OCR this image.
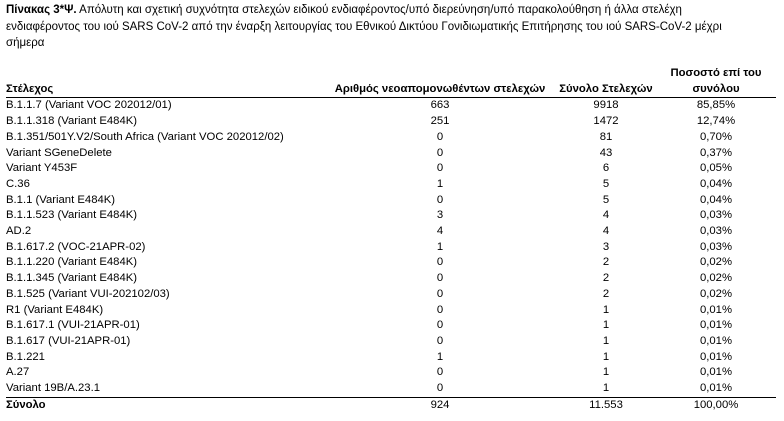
Πίνακας 3*Ψ. Απόλυτη και σχετική συχνότητα στελεχών ειδικού ενδιαφέροντος/υπό διερεύνηση/υπό παρακολούθηση ή άλλα στελέχη
ενδιαφέροντος του ιού SARS CoV-2 από την έναρξη λειτουργίας του Εθνικού Δικτύου Γονιδιωματικής Επιτήρησης του ιού SARS-CoV-2 μέχρι
σήμερα
Στέλεχος	Αριθμός νεοαπομονωθέντων στελεχών	Σύνολο Στελεχών	Ποσοστό επί του
συνόλου

B.1.1.7 (Variant VOC 202012/01)	663	9918	85,85%
B.1.1.318 (Variant E484K)	251	1472	12,74%
B.1.351/501Y.V2/South Africa (Variant VOC 202012/02)	0	81	0,70%
Variant SGeneDelete	0	43	0,37%
Variant Y453F	0	6	0,05%
C.36	1	5	0,04%
B.1.1 (Variant E484K)	0	5	0,04%
B.1.1.523 (Variant E484K)	3	4	0,03%
AD.2	4	4	0,03%
B.1.617.2 (VOC-21APR-02)	1	3	0,03%
B.1.1.220 (Variant E484K)	0	2	0,02%
B.1.1.345 (Variant E484K)	0	2	0,02%
B.1.525 (Variant VUI-202102/03)	0	2	0,02%
R1 (Variant E484K)	0	1	0,01%
B.1.617.1 (VUI-21APR-01)	0	1	0,01%
B.1.617 (VUI-21APR-01)	0	1	0,01%
B.1.221	1	1	0,01%
A.27	0	1	0,01%
Variant 19B/A.23.1	0	1	0,01%
Σύνολο	924	11.553	100,00%
